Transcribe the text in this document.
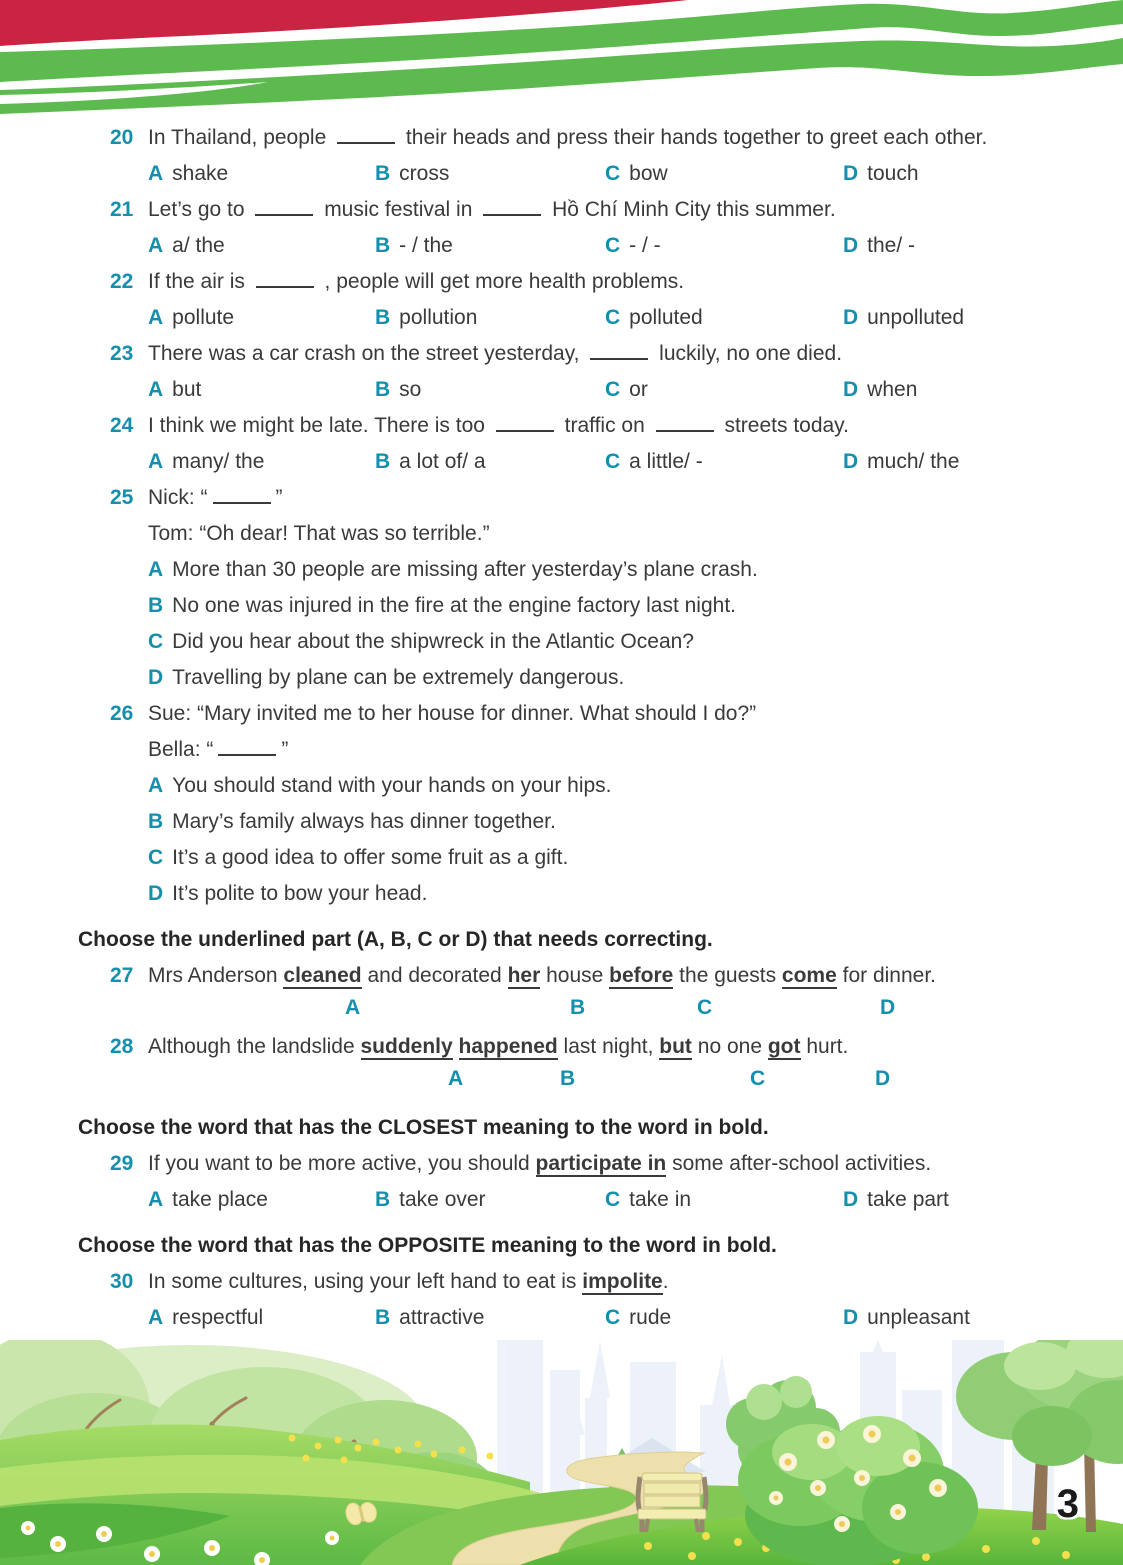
20 In Thailand, people	their heads and press their hands together to greet each other.
A shake	B cross	C bow	D touch
21 Let’s go to	music festival in	Hồ Chí Minh City this summer.
A a/ the	B - / the	C - / -	D the/ -
22 If the air is	, people will get more health problems.
A pollute	B pollution	C polluted	D unpolluted
23 There was a car crash on the street yesterday,	luckily, no one died.
A but	B so	C or	D when
24 I think we might be late. There is too	traffic on	streets today.
A many/ the	B a lot of/ a	C a little/ -	D much/ the
25 Nick: “	”
Tom: “Oh dear! That was so terrible.”
A More than 30 people are missing after yesterday’s plane crash.
B No one was injured in the fire at the engine factory last night.
C Did you hear about the shipwreck in the Atlantic Ocean?
D Travelling by plane can be extremely dangerous.
26 Sue: “Mary invited me to her house for dinner. What should I do?”
Bella: “	”
A You should stand with your hands on your hips.
B Mary’s family always has dinner together.
C It’s a good idea to offer some fruit as a gift.
D It’s polite to bow your head.
Choose the underlined part (A, B, C or D) that needs correcting.
27 Mrs Anderson cleaned and decorated her house before the guests come for dinner.
A	B	C	D
28 Although the landslide suddenly happened last night, but no one got hurt.
A	B	C	D
Choose the word that has the CLOSEST meaning to the word in bold.
29 If you want to be more active, you should participate in some after-school activities.
A take place	B take over	C take in	D take part
Choose the word that has the OPPOSITE meaning to the word in bold.
30 In some cultures, using your left hand to eat is impolite.
A respectful	B attractive	C rude	D unpleasant
3
